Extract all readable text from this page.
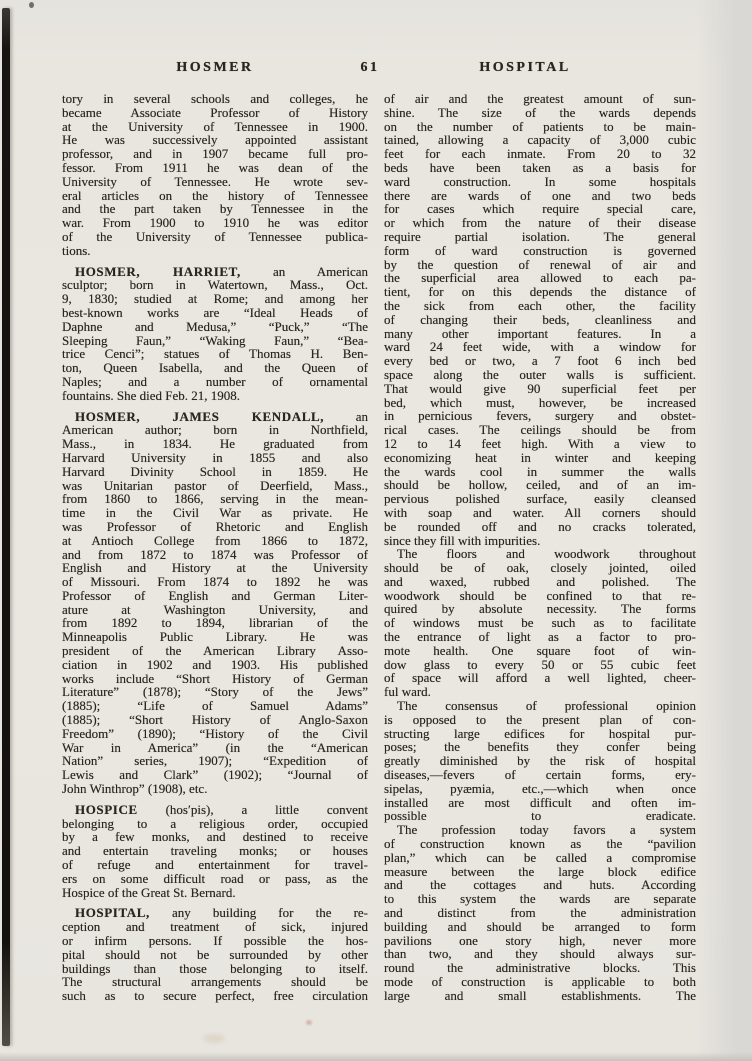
HOSMER	61	HOSPITAL
tory in several schools and colleges, he
became Associate Professor of History
at the University of Tennessee in 1900.
He was successively appointed assistant
professor, and in 1907 became full pro-
fessor. From 1911 he was dean of the
University of Tennessee. He wrote sev-
eral articles on the history of Tennessee
and the part taken by Tennessee in the
war. From 1900 to 1910 he was editor
of the University of Tennessee publica-
tions.
HOSMER, HARRIET, an American
sculptor; born in Watertown, Mass., Oct.
9, 1830; studied at Rome; and among her
best-known works are “Ideal Heads of
Daphne and Medusa,” “Puck,” “The
Sleeping Faun,” “Waking Faun,” “Bea-
trice Cenci”; statues of Thomas H. Ben-
ton, Queen Isabella, and the Queen of
Naples; and a number of ornamental
fountains. She died Feb. 21, 1908.
HOSMER, JAMES KENDALL, an
American author; born in Northfield,
Mass., in 1834. He graduated from
Harvard University in 1855 and also
Harvard Divinity School in 1859. He
was Unitarian pastor of Deerfield, Mass.,
from 1860 to 1866, serving in the mean-
time in the Civil War as private. He
was Professor of Rhetoric and English
at Antioch College from 1866 to 1872,
and from 1872 to 1874 was Professor of
English and History at the University
of Missouri. From 1874 to 1892 he was
Professor of English and German Liter-
ature at Washington University, and
from 1892 to 1894, librarian of the
Minneapolis Public Library. He was
president of the American Library Asso-
ciation in 1902 and 1903. His published
works include “Short History of German
Literature” (1878); “Story of the Jews”
(1885); “Life of Samuel Adams”
(1885); “Short History of Anglo-Saxon
Freedom” (1890); “History of the Civil
War in America” (in the “American
Nation” series, 1907); “Expedition of
Lewis and Clark” (1902); “Journal of
John Winthrop” (1908), etc.
HOSPICE (hos′pis), a little convent
belonging to a religious order, occupied
by a few monks, and destined to receive
and entertain traveling monks; or houses
of refuge and entertainment for travel-
ers on some difficult road or pass, as the
Hospice of the Great St. Bernard.
HOSPITAL, any building for the re-
ception and treatment of sick, injured
or infirm persons. If possible the hos-
pital should not be surrounded by other
buildings than those belonging to itself.
The structural arrangements should be
such as to secure perfect, free circulation
of air and the greatest amount of sun-
shine. The size of the wards depends
on the number of patients to be main-
tained, allowing a capacity of 3,000 cubic
feet for each inmate. From 20 to 32
beds have been taken as a basis for
ward construction. In some hospitals
there are wards of one and two beds
for cases which require special care,
or which from the nature of their disease
require partial isolation. The general
form of ward construction is governed
by the question of renewal of air and
the superficial area allowed to each pa-
tient, for on this depends the distance of
the sick from each other, the facility
of changing their beds, cleanliness and
many other important features. In a
ward 24 feet wide, with a window for
every bed or two, a 7 foot 6 inch bed
space along the outer walls is sufficient.
That would give 90 superficial feet per
bed, which must, however, be increased
in pernicious fevers, surgery and obstet-
rical cases. The ceilings should be from
12 to 14 feet high. With a view to
economizing heat in winter and keeping
the wards cool in summer the walls
should be hollow, ceiled, and of an im-
pervious polished surface, easily cleansed
with soap and water. All corners should
be rounded off and no cracks tolerated,
since they fill with impurities.
The floors and woodwork throughout
should be of oak, closely jointed, oiled
and waxed, rubbed and polished. The
woodwork should be confined to that re-
quired by absolute necessity. The forms
of windows must be such as to facilitate
the entrance of light as a factor to pro-
mote health. One square foot of win-
dow glass to every 50 or 55 cubic feet
of space will afford a well lighted, cheer-
ful ward.
The consensus of professional opinion
is opposed to the present plan of con-
structing large edifices for hospital pur-
poses; the benefits they confer being
greatly diminished by the risk of hospital
diseases,—fevers of certain forms, ery-
sipelas, pyæmia, etc.,—which when once
installed are most difficult and often im-
possible to eradicate.
The profession today favors a system
of construction known as the “pavilion
plan,” which can be called a compromise
measure between the large block edifice
and the cottages and huts. According
to this system the wards are separate
and distinct from the administration
building and should be arranged to form
pavilions one story high, never more
than two, and they should always sur-
round the administrative blocks. This
mode of construction is applicable to both
large and small establishments. The
